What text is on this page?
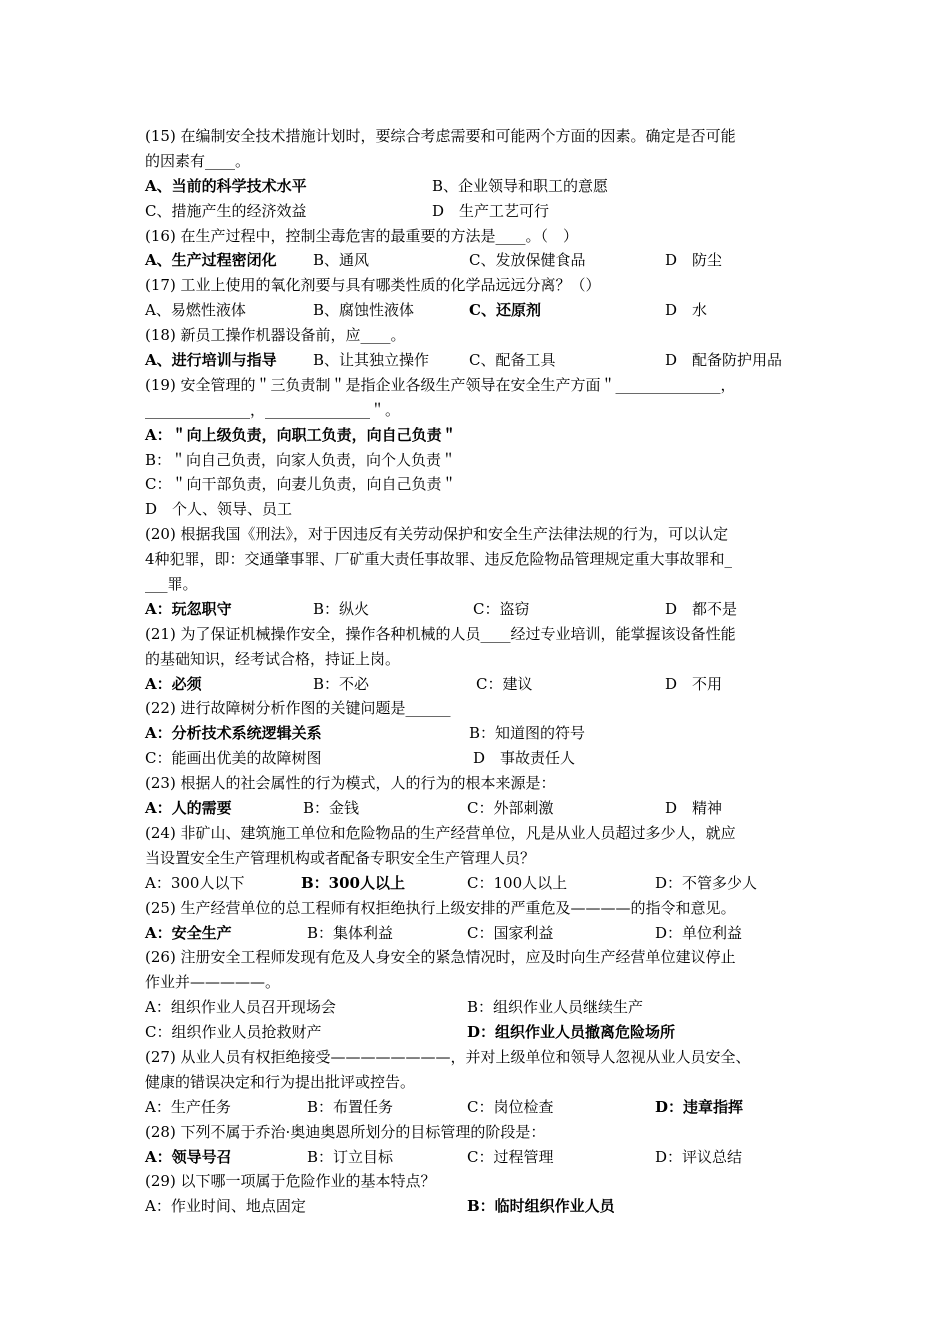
(15) 在编制安全技术措施计划时，要综合考虑需要和可能两个方面的因素。确定是否可能
的因素有____。
A、当前的科学技术水平	B、企业领导和职工的意愿
C、措施产生的经济效益	D　生产工艺可行
(16) 在生产过程中，控制尘毒危害的最重要的方法是____。（　）
A、生产过程密闭化 B、通风	C、发放保健食品	D　防尘
(17) 工业上使用的氧化剂要与具有哪类性质的化学品远远分离？（）
A、易燃性液体	B、腐蚀性液体	C、还原剂	D　水
(18) 新员工操作机器设备前，应____。
A、进行培训与指导 B、让其独立操作	C、配备工具	D　配备防护用品
(19) 安全管理的＂三负责制＂是指企业各级生产领导在安全生产方面＂______________，
______________，______________＂。
A：＂向上级负责，向职工负责，向自己负责＂
B：＂向自己负责，向家人负责，向个人负责＂
C：＂向干部负责，向妻儿负责，向自己负责＂
D　个人、领导、员工
(20) 根据我国《刑法》，对于因违反有关劳动保护和安全生产法律法规的行为，可以认定
4种犯罪，即：交通肇事罪、厂矿重大责任事故罪、违反危险物品管理规定重大事故罪和_
___罪。
A：玩忽职守	B：纵火	C：盗窃	D　都不是
(21) 为了保证机械操作安全，操作各种机械的人员____经过专业培训，能掌握该设备性能
的基础知识，经考试合格，持证上岗。
A：必须	B：不必	C：建议	D　不用
(22) 进行故障树分析作图的关键问题是______
A：分析技术系统逻辑关系	B：知道图的符号
C：能画出优美的故障树图	D　事故责任人
(23) 根据人的社会属性的行为模式，人的行为的根本来源是：
A：人的需要	B：金钱	C：外部刺激	D　精神
(24) 非矿山、建筑施工单位和危险物品的生产经营单位，凡是从业人员超过多少人，就应
当设置安全生产管理机构或者配备专职安全生产管理人员？
A：300人以下	B：300人以上	C：100人以上	D：不管多少人
(25) 生产经营单位的总工程师有权拒绝执行上级安排的严重危及————的指令和意见。
A：安全生产	B：集体利益	C：国家利益	D：单位利益
(26) 注册安全工程师发现有危及人身安全的紧急情况时，应及时向生产经营单位建议停止
作业并—————。
A：组织作业人员召开现场会	B：组织作业人员继续生产
C：组织作业人员抢救财产	D：组织作业人员撤离危险场所
(27) 从业人员有权拒绝接受————————，并对上级单位和领导人忽视从业人员安全、
健康的错误决定和行为提出批评或控告。
A：生产任务	B：布置任务	C：岗位检查	D：违章指挥
(28) 下列不属于乔治·奥迪奥恩所划分的目标管理的阶段是：
A：领导号召	B：订立目标	C：过程管理	D：评议总结
(29) 以下哪一项属于危险作业的基本特点？
A：作业时间、地点固定	B：临时组织作业人员
